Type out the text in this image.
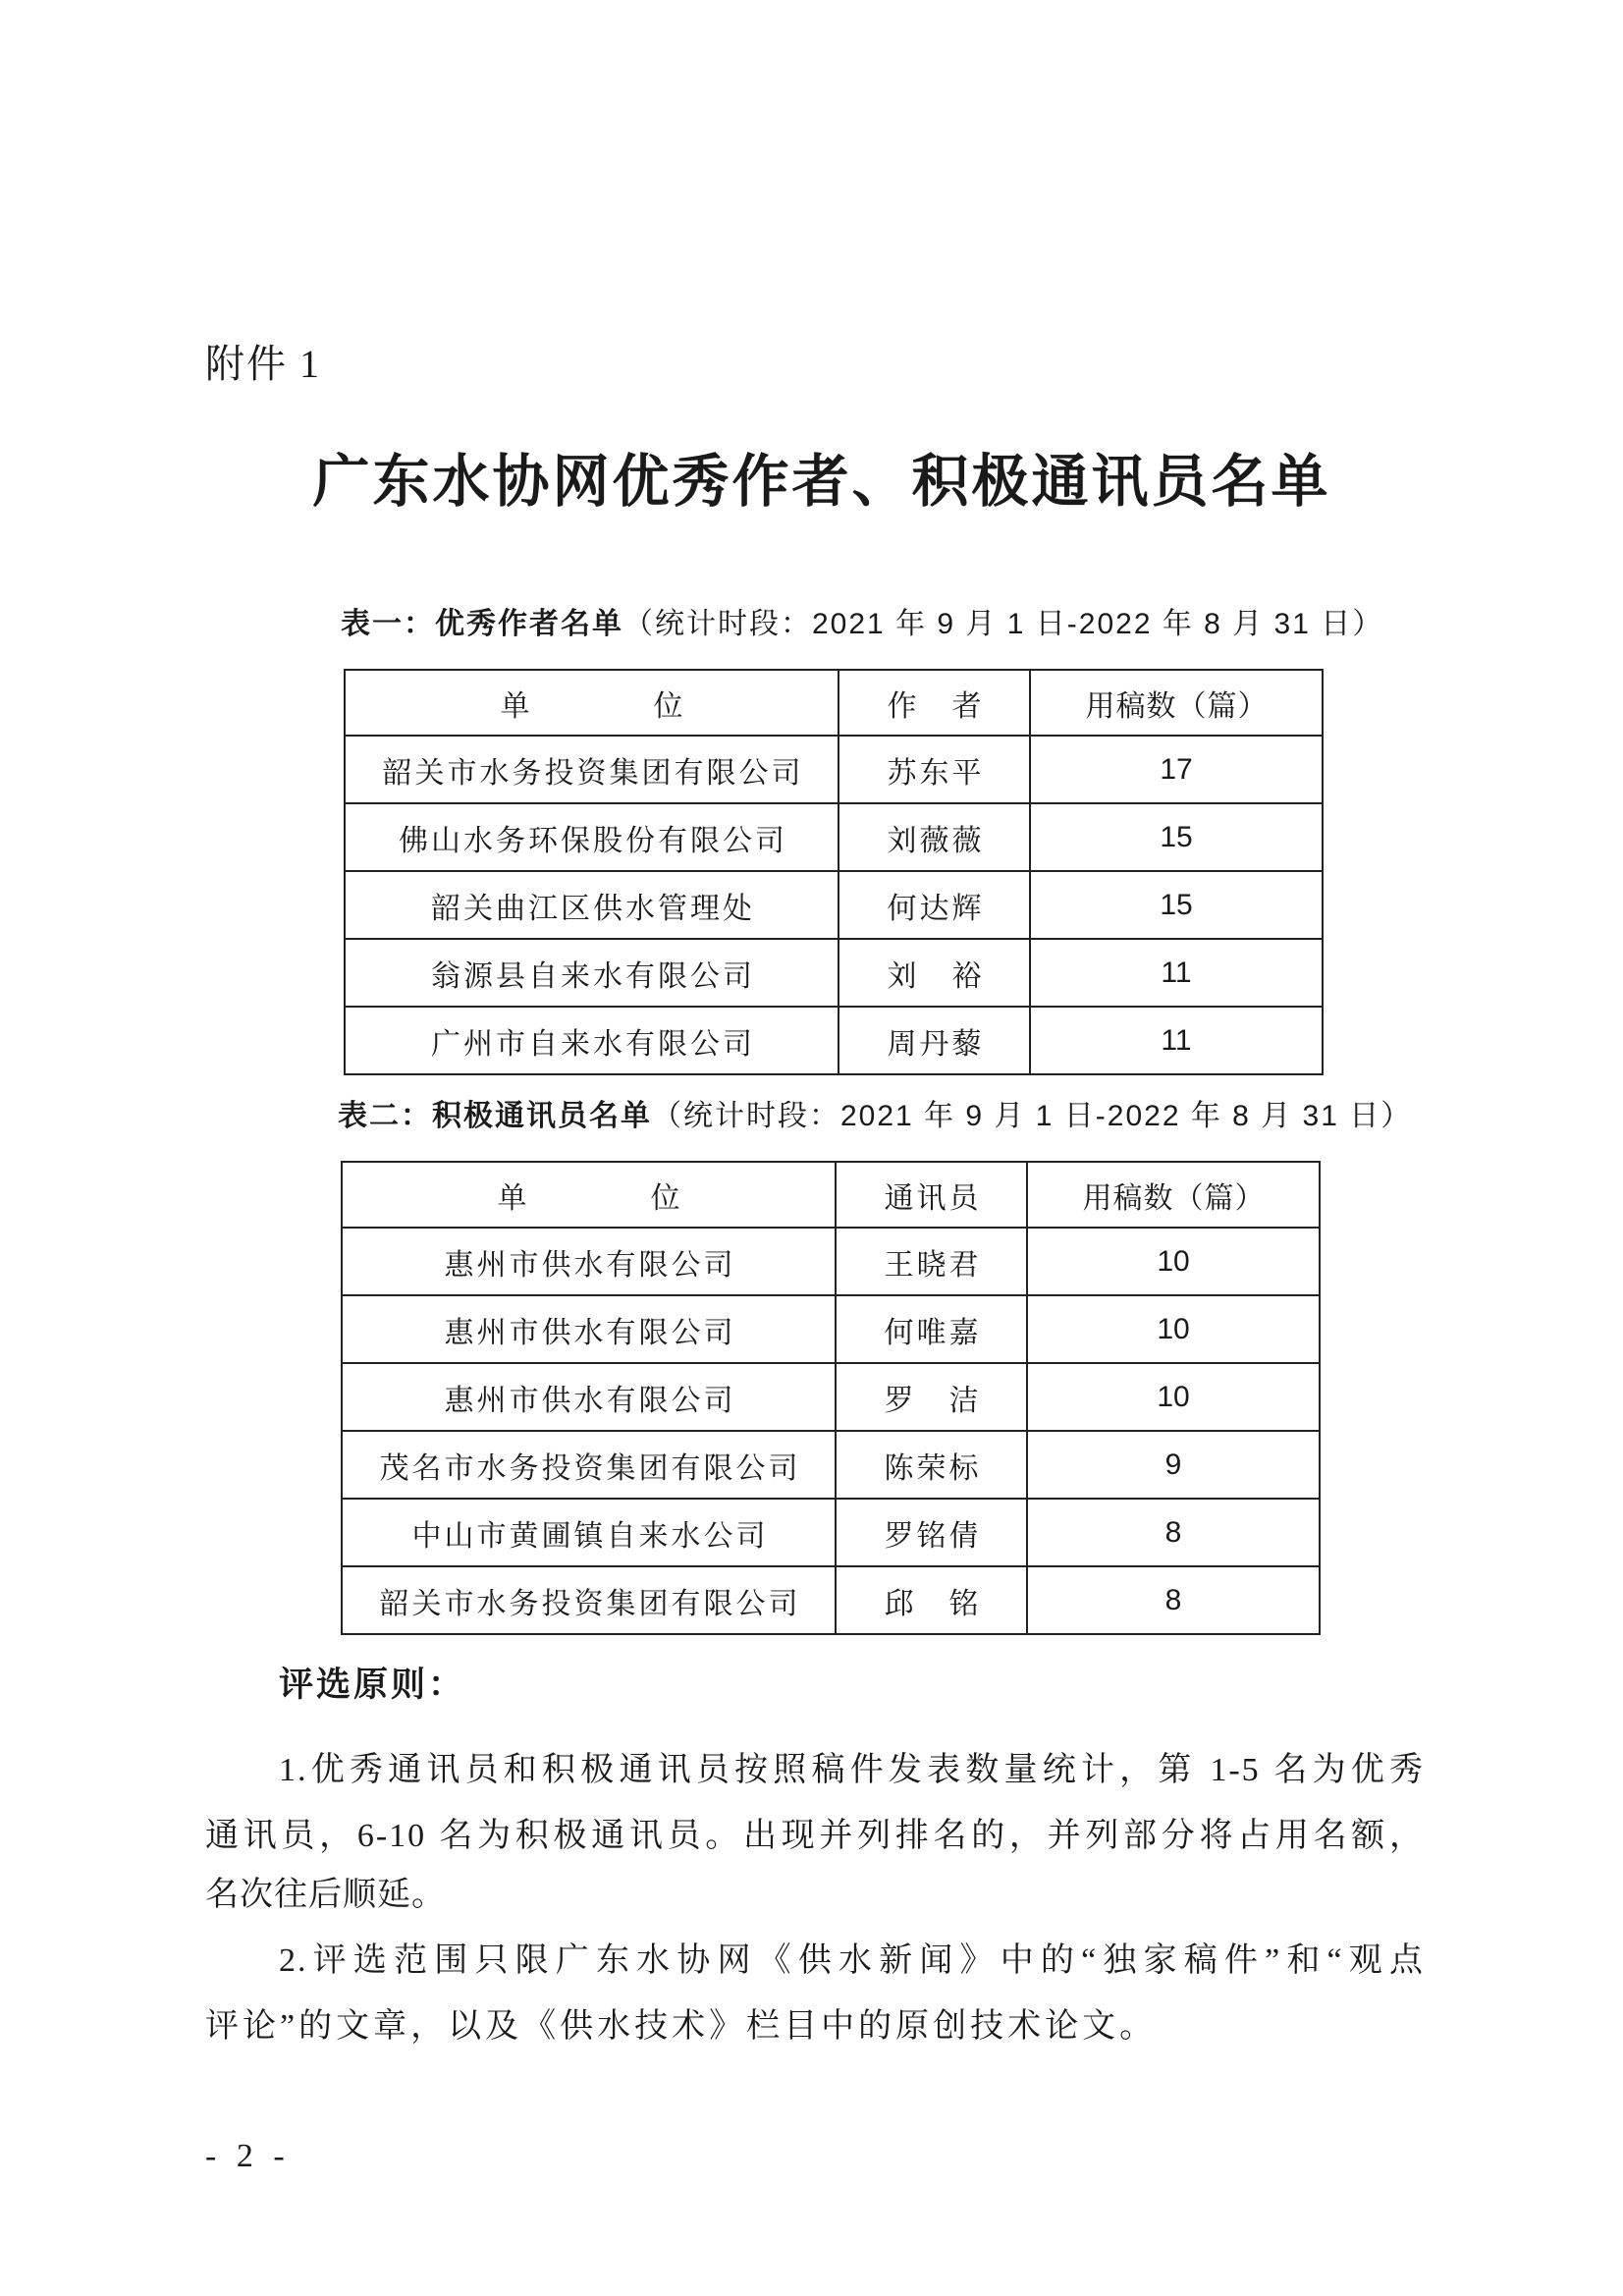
附件 1
广东水协网优秀作者、积极通讯员名单
表一：优秀作者名单（统计时段：2021 年 9 月 1 日-2022 年 8 月 31 日）
单　　位	作　者	用稿数（篇）
韶关市水务投资集团有限公司	苏东平	17
佛山水务环保股份有限公司	刘薇薇	15
韶关曲江区供水管理处	何达辉	15
翁源县自来水有限公司	刘　裕	11
广州市自来水有限公司	周丹藜	11
表二：积极通讯员名单（统计时段：2021 年 9 月 1 日-2022 年 8 月 31 日）
单　　位	通讯员	用稿数（篇）
惠州市供水有限公司	王晓君	10
惠州市供水有限公司	何唯嘉	10
惠州市供水有限公司	罗　洁	10
茂名市水务投资集团有限公司	陈荣标	9
中山市黄圃镇自来水公司	罗铭倩	8
韶关市水务投资集团有限公司	邱　铭	8
评选原则：
1.优秀通讯员和积极通讯员按照稿件发表数量统计，第 1-5 名为优秀
通讯员，6-10 名为积极通讯员。出现并列排名的，并列部分将占用名额，
名次往后顺延。
2.评选范围只限广东水协网《供水新闻》中的“独家稿件”和“观点
评论”的文章，以及《供水技术》栏目中的原创技术论文。
- 2 -
